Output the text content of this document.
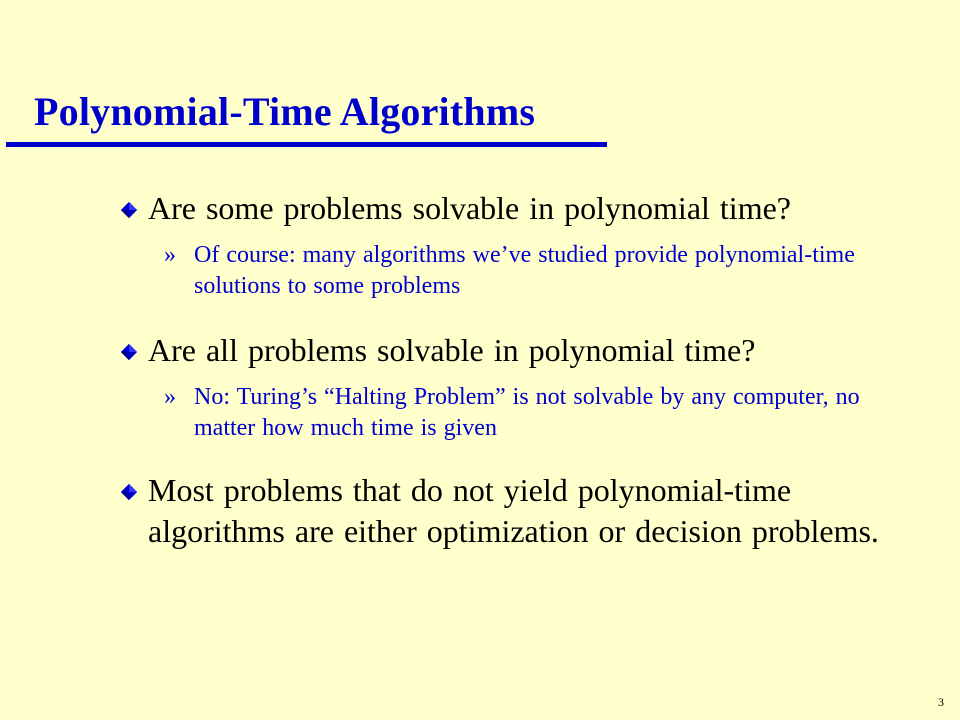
Polynomial-Time Algorithms
Are some problems solvable in polynomial time?
» Of course: many algorithms we’ve studied provide polynomial-time solutions to some problems
Are all problems solvable in polynomial time?
» No: Turing’s “Halting Problem” is not solvable by any computer, no matter how much time is given
Most problems that do not yield polynomial-time algorithms are either optimization or decision problems.
3
